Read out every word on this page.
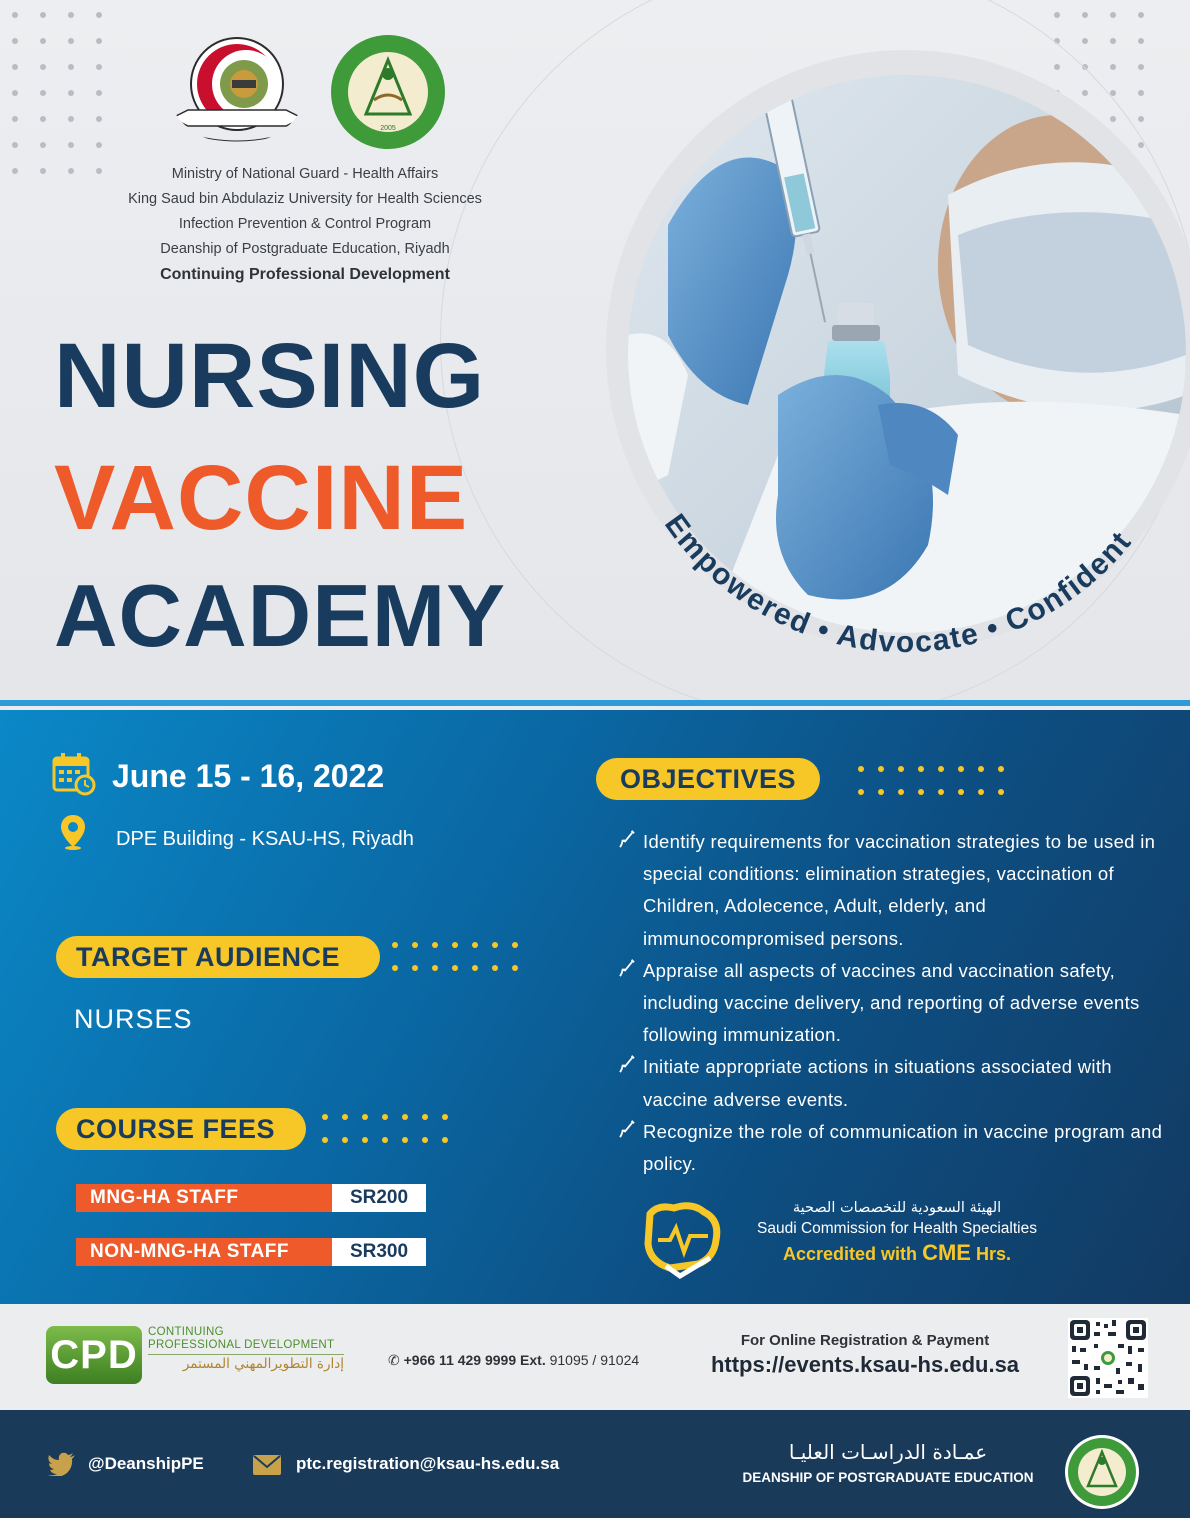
2005
Ministry of National Guard - Health Affairs
King Saud bin Abdulaziz University for Health Sciences
Infection Prevention & Control Program
Deanship of Postgraduate Education, Riyadh
Continuing Professional Development
NURSING
VACCINE
ACADEMY
Empowered • Advocate • Confident
June 15 - 16, 2022
DPE Building - KSAU-HS, Riyadh
TARGET AUDIENCE
NURSES
COURSE FEES
MNG-HA STAFF	SR200
NON-MNG-HA STAFF	SR300
OBJECTIVES
Identify requirements for vaccination strategies to be used in special conditions: elimination strategies, vaccination of Children, Adolecence, Adult, elderly, and immunocompromised persons.
Appraise all aspects of vaccines and vaccination safety, including vaccine delivery, and reporting of adverse events following immunization.
Initiate appropriate actions in situations associated with vaccine adverse events.
Recognize the role of communication in vaccine program and policy.
الهيئة السعودية للتخصصات الصحية
Saudi Commission for Health Specialties
Accredited with CME Hrs.
CPD
CONTINUING
PROFESSIONAL DEVELOPMENT
إدارة التطويرالمهني المستمر	✆ +966 11 429 9999 Ext. 91095 / 91024
For Online Registration & Payment
https://events.ksau-hs.edu.sa
@DeanshipPE	ptc.registration@ksau-hs.edu.sa	عمـادة الدراسـات العليـا
DEANSHIP OF POSTGRADUATE EDUCATION
